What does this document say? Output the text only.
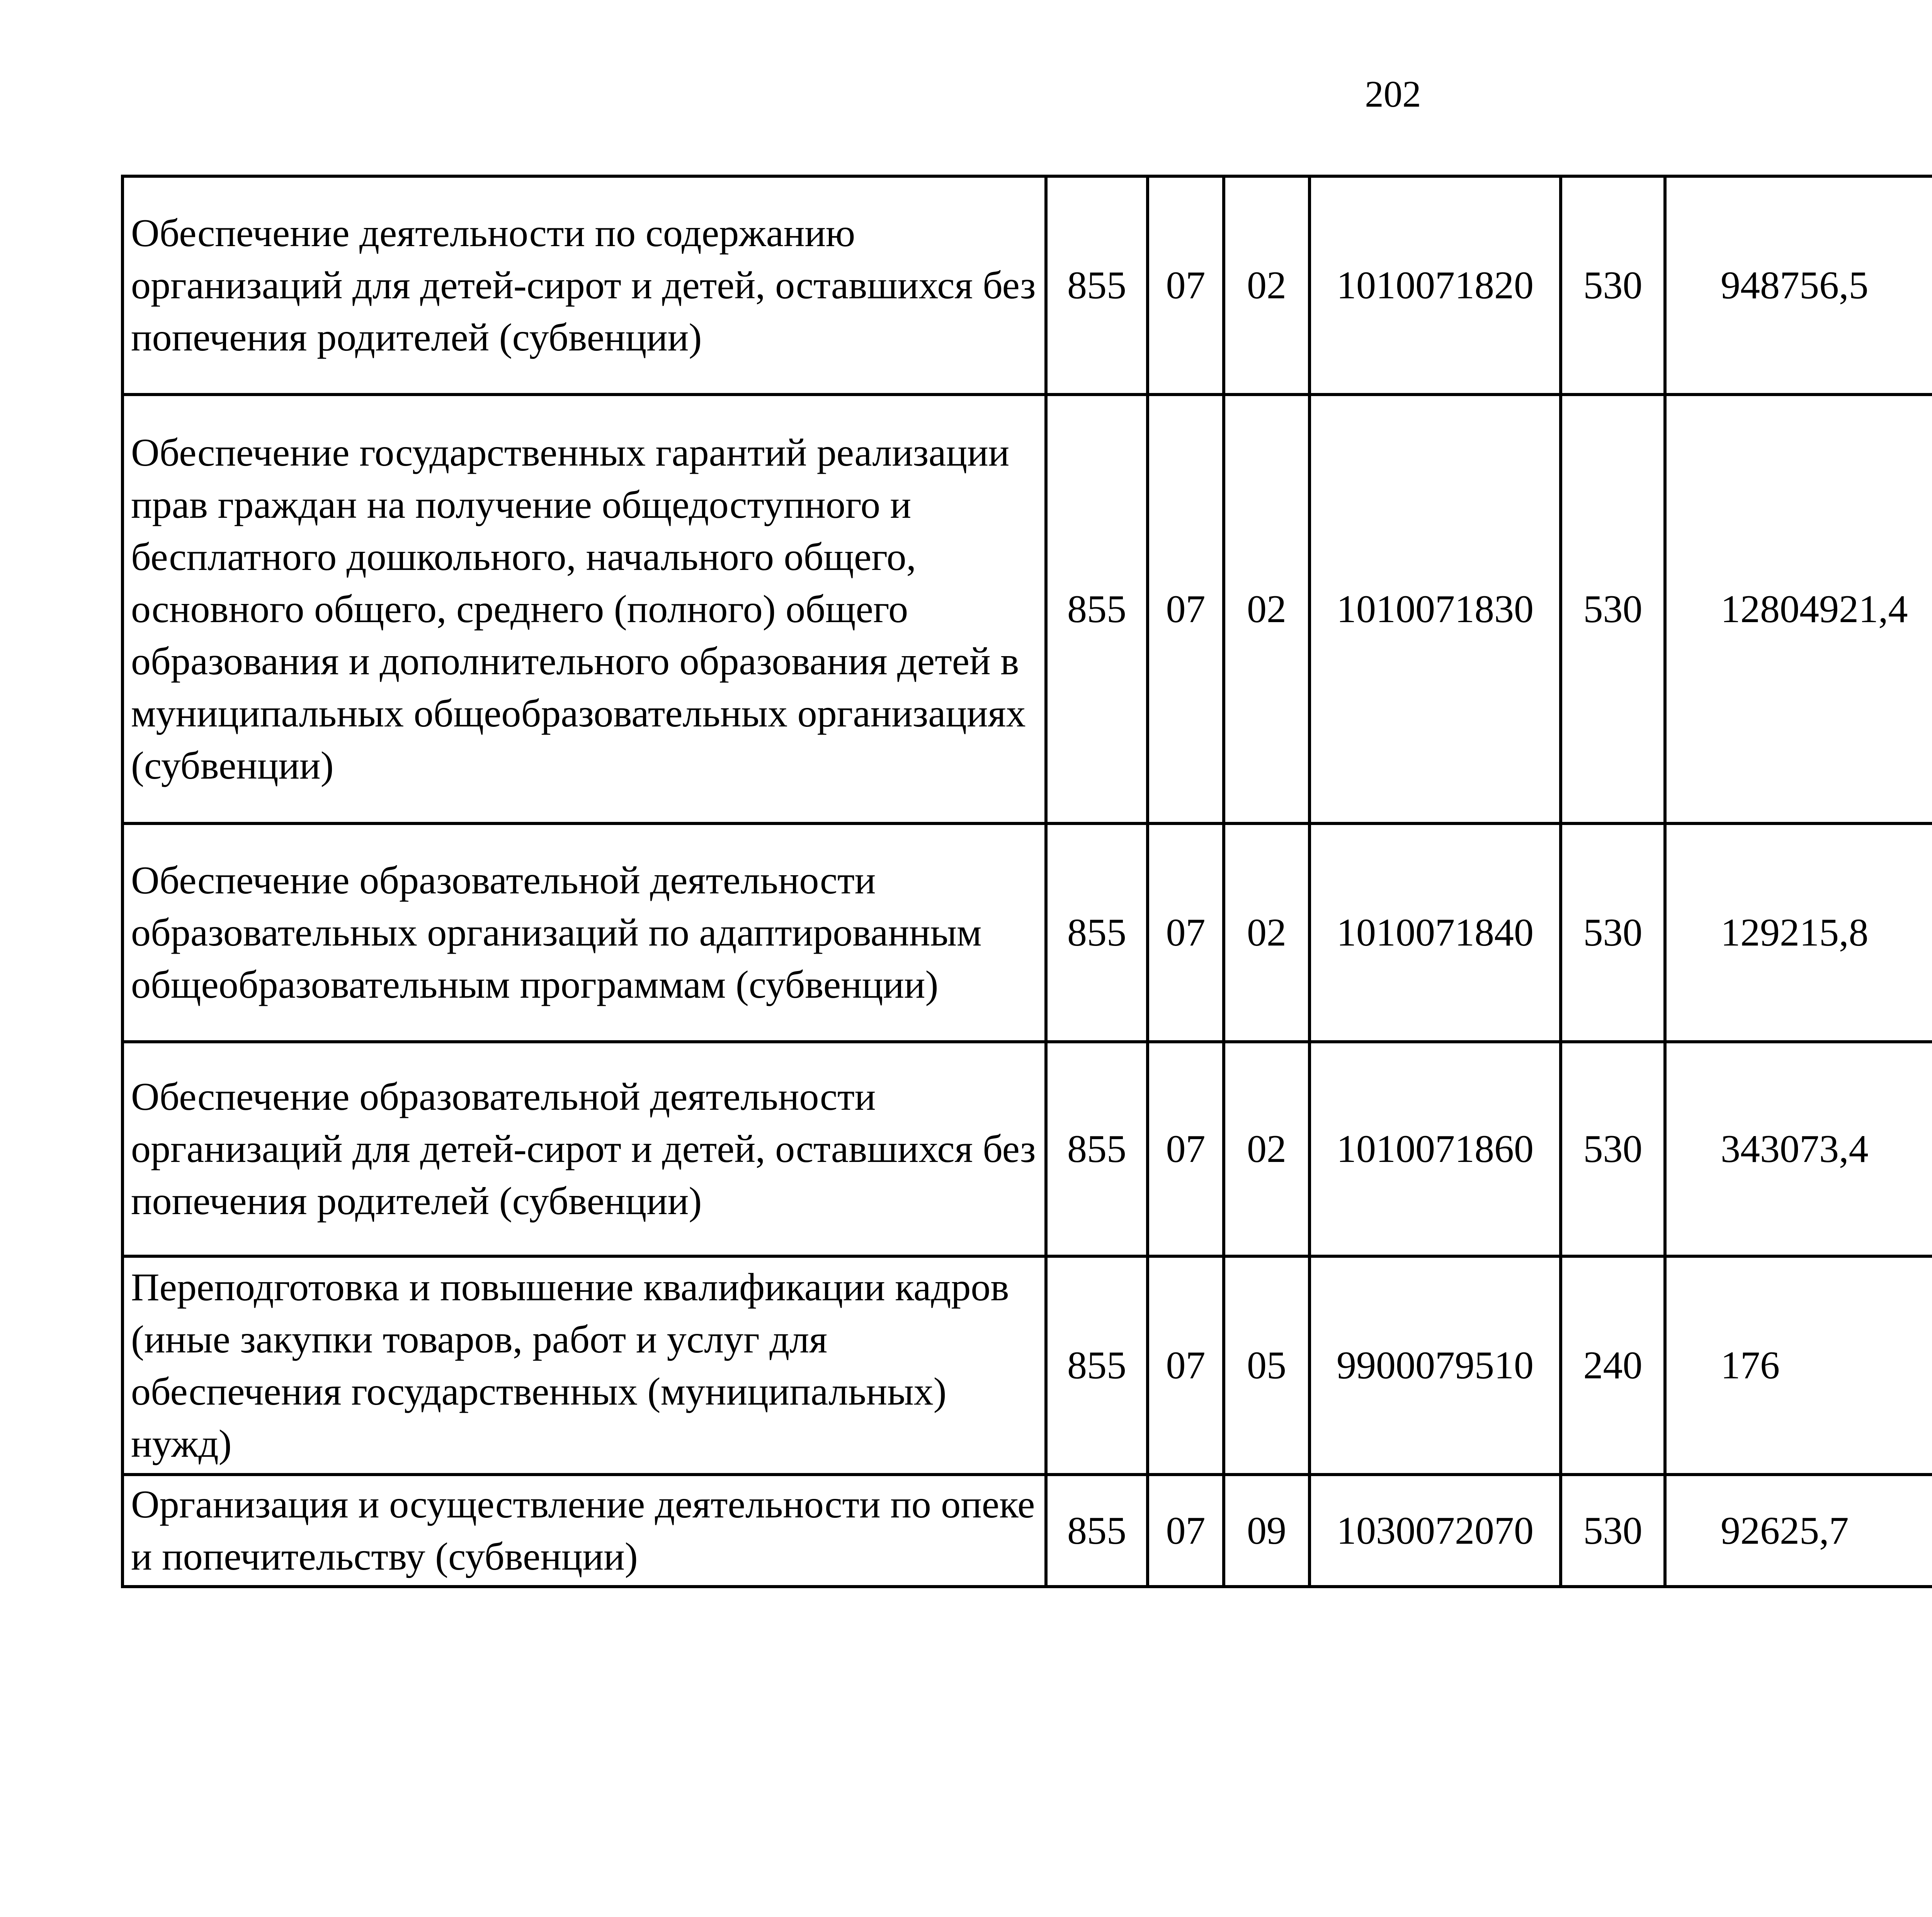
202
Обеспечение деятельности по содержанию организаций для детей-сирот и детей, оставшихся без попечения родителей (субвенции)	855	07	02	1010071820	530	948756,5		
Обеспечение государственных гарантий реализации прав граждан на получение общедоступного и бесплатного дошкольного, начального общего, основного общего, среднего (полного) общего образования и дополнительного образования детей в муниципальных общеобразовательных организациях (субвенции)	855	07	02	1010071830	530	12804921,4		
Обеспечение образовательной деятельности образовательных организаций по адаптированным общеобразовательным программам (субвенции)	855	07	02	1010071840	530	129215,8		
Обеспечение образовательной деятельности организаций для детей-сирот и детей, оставшихся без попечения родителей (субвенции)	855	07	02	1010071860	530	343073,4		
Переподготовка и повышение квалификации кадров (иные закупки товаров, работ и услуг для обеспечения государственных (муниципальных) нужд)	855	07	05	9900079510	240	176		
Организация и осуществление деятельности по опеке и попечительству (субвенции)	855	07	09	1030072070	530	92625,7		
